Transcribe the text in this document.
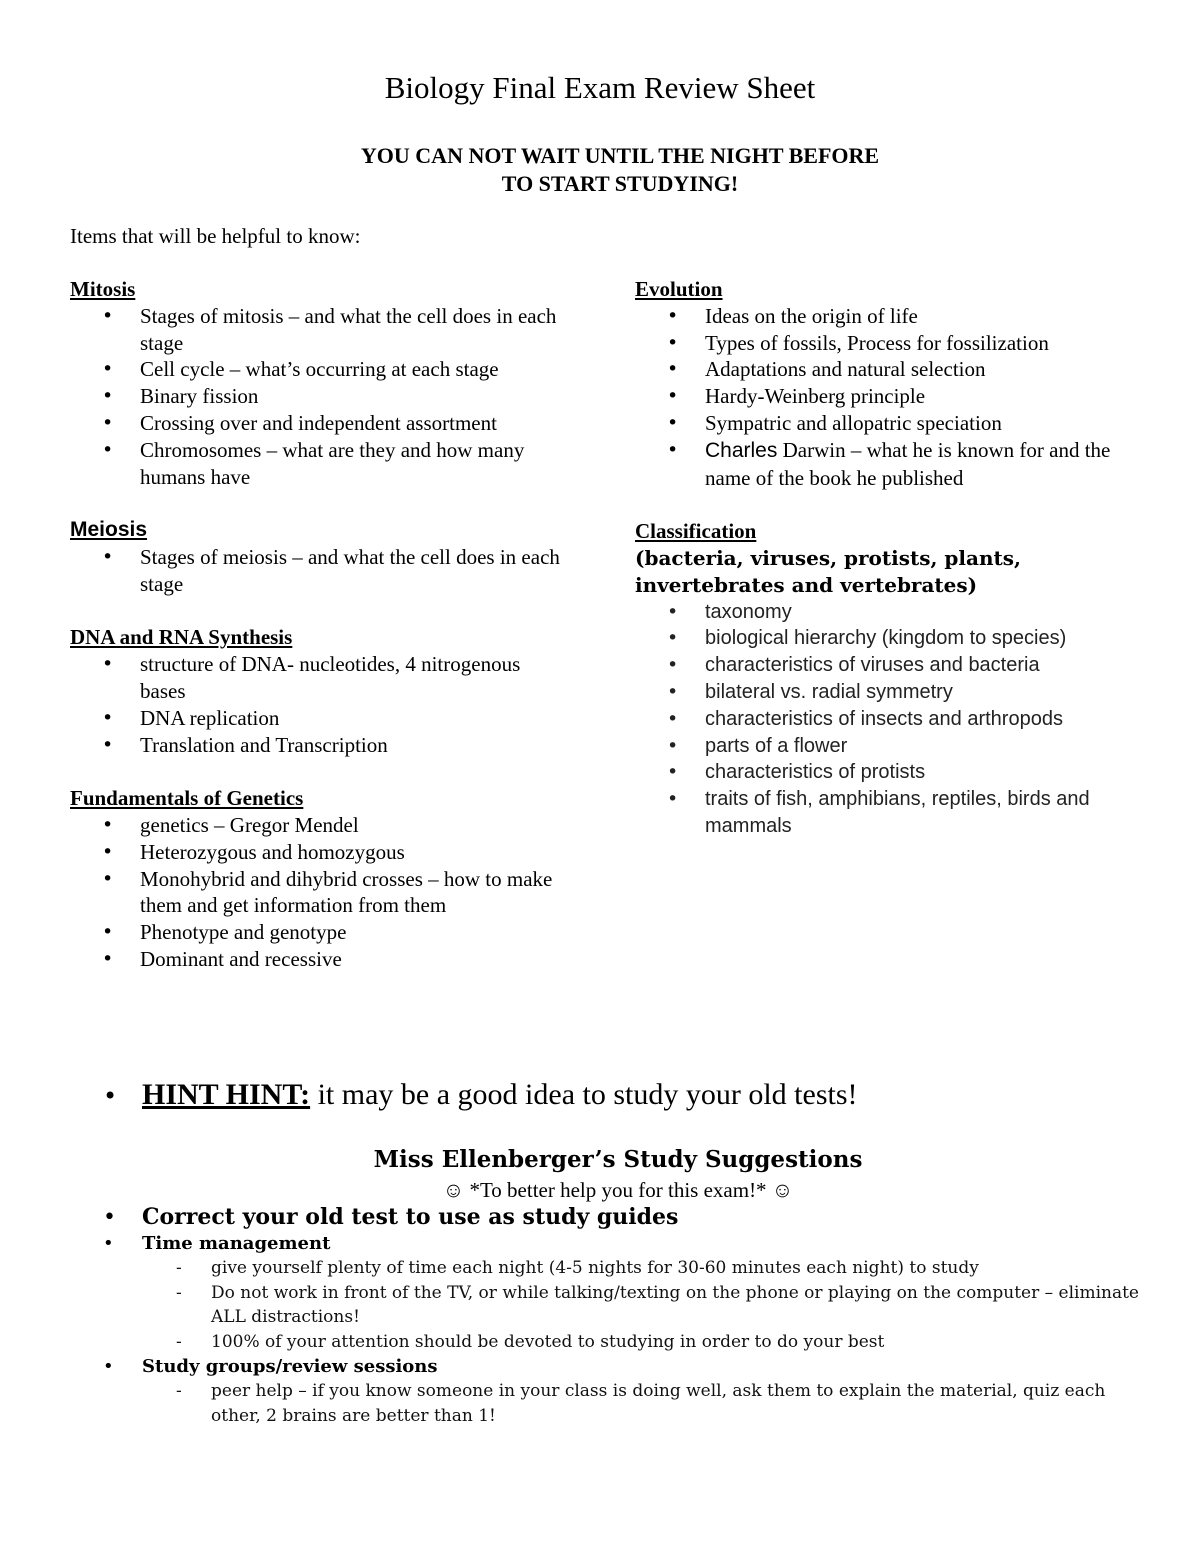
Biology Final Exam Review Sheet
YOU CAN NOT WAIT UNTIL THE NIGHT BEFORE
TO START STUDYING!
Items that will be helpful to know:
Mitosis
• Stages of mitosis – and what the cell does in each stage
• Cell cycle – what’s occurring at each stage
• Binary fission
• Crossing over and independent assortment
• Chromosomes – what are they and how many humans have
Meiosis
• Stages of meiosis – and what the cell does in each stage
DNA and RNA Synthesis
• structure of DNA- nucleotides, 4 nitrogenous bases
• DNA replication
• Translation and Transcription
Fundamentals of Genetics
• genetics – Gregor Mendel
• Heterozygous and homozygous
• Monohybrid and dihybrid crosses – how to make them and get information from them
• Phenotype and genotype
• Dominant and recessive
Evolution
• Ideas on the origin of life
• Types of fossils, Process for fossilization
• Adaptations and natural selection
• Hardy-Weinberg principle
• Sympatric and allopatric speciation
• Charles Darwin – what he is known for and the name of the book he published
Classification
(bacteria, viruses, protists, plants,
invertebrates and vertebrates)
• taxonomy
• biological hierarchy (kingdom to species)
• characteristics of viruses and bacteria
• bilateral vs. radial symmetry
• characteristics of insects and arthropods
• parts of a flower
• characteristics of protists
• traits of fish, amphibians, reptiles, birds and mammals
• HINT HINT: it may be a good idea to study your old tests!
Miss Ellenberger’s Study Suggestions
☺ *To better help you for this exam!* ☺
• Correct your old test to use as study guides
• Time management
- give yourself plenty of time each night (4-5 nights for 30-60 minutes each night) to study
- Do not work in front of the TV, or while talking/texting on the phone or playing on the computer – eliminate ALL distractions!
- 100% of your attention should be devoted to studying in order to do your best
• Study groups/review sessions
- peer help – if you know someone in your class is doing well, ask them to explain the material, quiz each other, 2 brains are better than 1!
